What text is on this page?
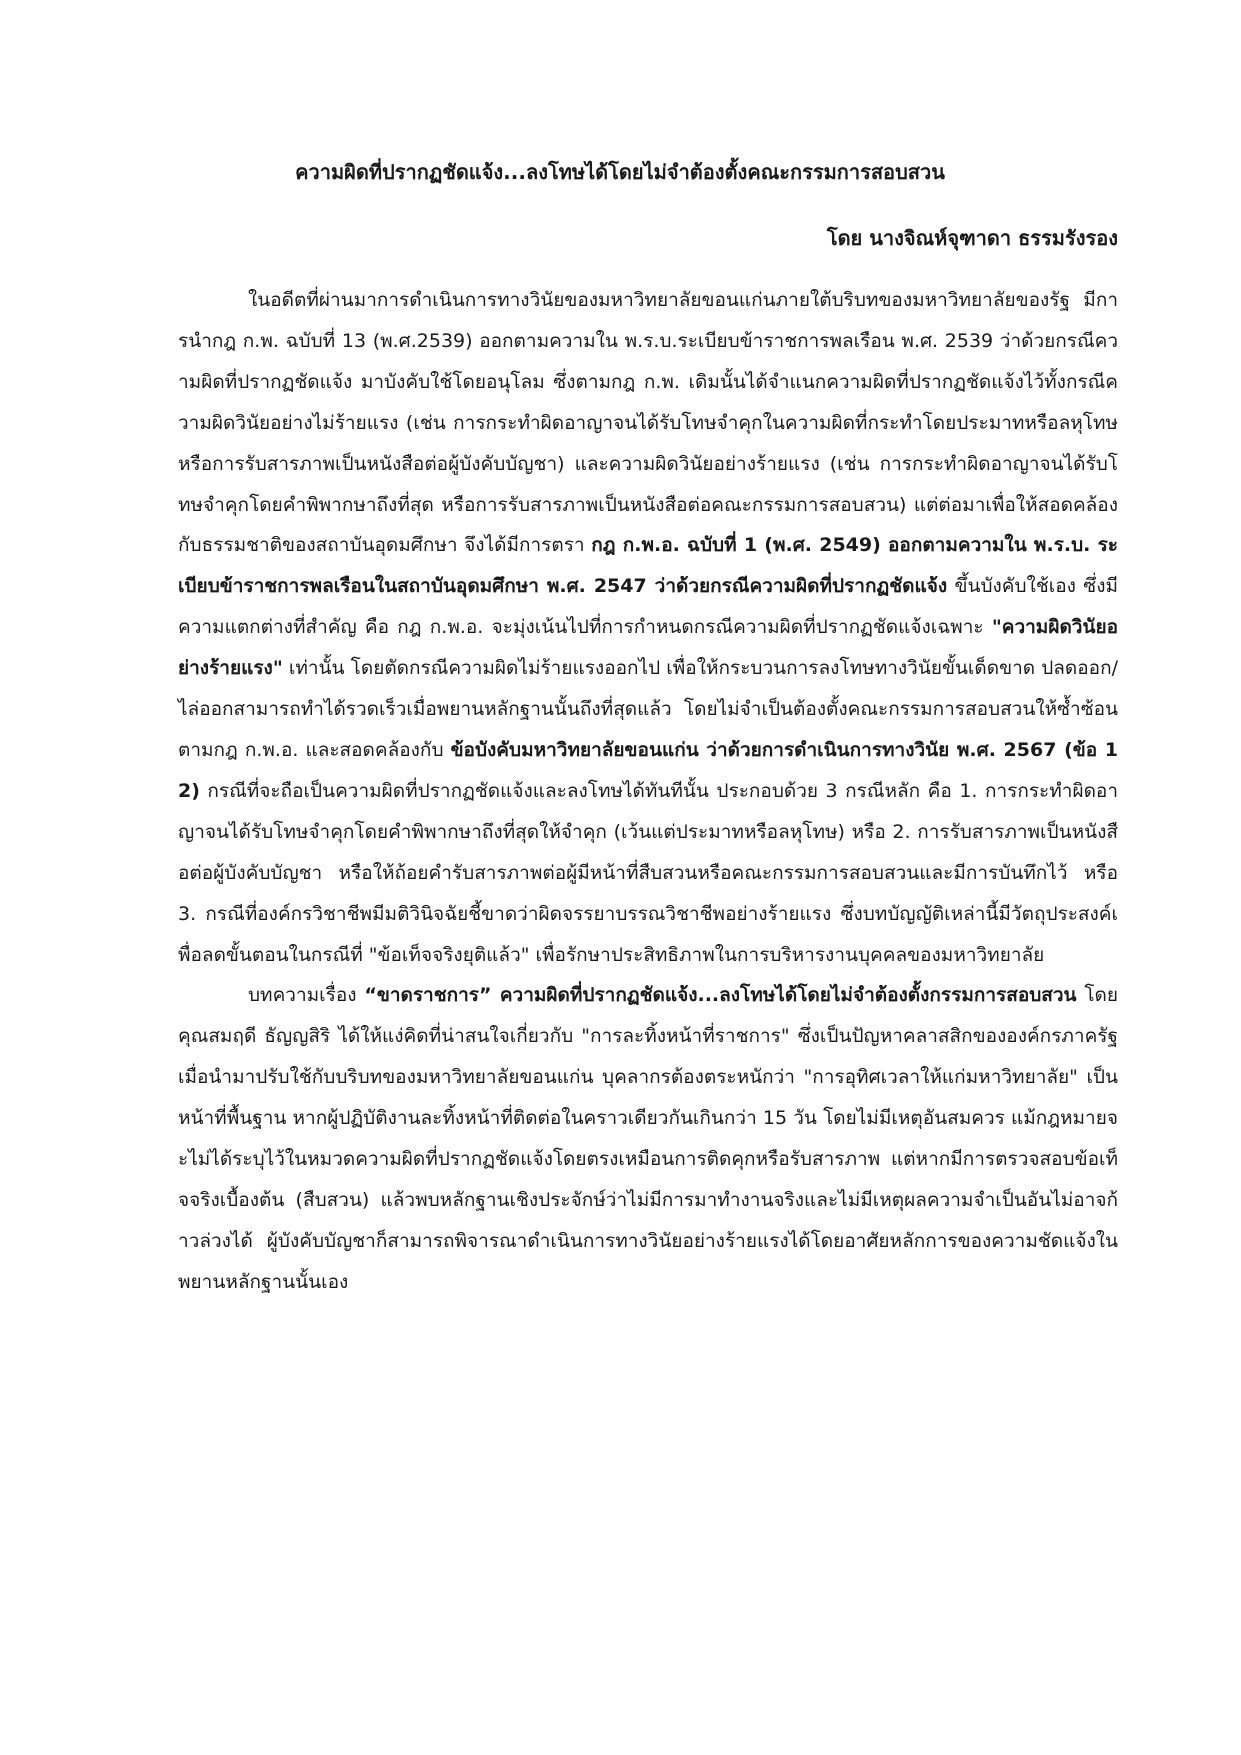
ความผิดที่ปรากฏชัดแจ้ง...ลงโทษได้โดยไม่จำต้องตั้งคณะกรรมการสอบสวน
โดย นางจิณห์จุฑาดา ธรรมรังรอง

ในอดีตที่ผ่านมาการดำเนินการทางวินัยของมหาวิทยาลัยขอนแก่นภายใต้บริบทของมหาวิทยาลัยของรัฐ มีการนำกฎ ก.พ. ฉบับที่ 13 (พ.ศ.2539) ออกตามความใน พ.ร.บ.ระเบียบข้าราชการพลเรือน พ.ศ. 2539 ว่าด้วยกรณีความผิดที่ปรากฏชัดแจ้ง มาบังคับใช้โดยอนุโลม ซึ่งตามกฎ ก.พ. เดิมนั้นได้จำแนกความผิดที่ปรากฏชัดแจ้งไว้ทั้งกรณีความผิดวินัยอย่างไม่ร้ายแรง (เช่น การกระทำผิดอาญาจนได้รับโทษจำคุกในความผิดที่กระทำโดยประมาทหรือลหุโทษ หรือการรับสารภาพเป็นหนังสือต่อผู้บังคับบัญชา) และความผิดวินัยอย่างร้ายแรง (เช่น การกระทำผิดอาญาจนได้รับโทษจำคุกโดยคำพิพากษาถึงที่สุด หรือการรับสารภาพเป็นหนังสือต่อคณะกรรมการสอบสวน) แต่ต่อมาเพื่อให้สอดคล้องกับธรรมชาติของสถาบันอุดมศึกษา จึงได้มีการตรา กฎ ก.พ.อ. ฉบับที่ 1 (พ.ศ. 2549) ออกตามความใน พ.ร.บ. ระเบียบข้าราชการพลเรือนในสถาบันอุดมศึกษา พ.ศ. 2547 ว่าด้วยกรณีความผิดที่ปรากฏชัดแจ้ง ขึ้นบังคับใช้เอง ซึ่งมีความแตกต่างที่สำคัญ คือ กฎ ก.พ.อ. จะมุ่งเน้นไปที่การกำหนดกรณีความผิดที่ปรากฏชัดแจ้งเฉพาะ "ความผิดวินัยอย่างร้ายแรง" เท่านั้น โดยตัดกรณีความผิดไม่ร้ายแรงออกไป เพื่อให้กระบวนการลงโทษทางวินัยขั้นเด็ดขาด ปลดออก/ไล่ออกสามารถทำได้รวดเร็วเมื่อพยานหลักฐานนั้นถึงที่สุดแล้ว โดยไม่จำเป็นต้องตั้งคณะกรรมการสอบสวนให้ซ้ำซ้อน ตามกฎ ก.พ.อ. และสอดคล้องกับ ข้อบังคับมหาวิทยาลัยขอนแก่น ว่าด้วยการดำเนินการทางวินัย พ.ศ. 2567 (ข้อ 12) กรณีที่จะถือเป็นความผิดที่ปรากฏชัดแจ้งและลงโทษได้ทันทีนั้น ประกอบด้วย 3 กรณีหลัก คือ 1. การกระทำผิดอาญาจนได้รับโทษจำคุกโดยคำพิพากษาถึงที่สุดให้จำคุก (เว้นแต่ประมาทหรือลหุโทษ) หรือ 2. การรับสารภาพเป็นหนังสือต่อผู้บังคับบัญชา หรือให้ถ้อยคำรับสารภาพต่อผู้มีหน้าที่สืบสวนหรือคณะกรรมการสอบสวนและมีการบันทึกไว้ หรือ 3. กรณีที่องค์กรวิชาชีพมีมติวินิจฉัยชี้ขาดว่าผิดจรรยาบรรณวิชาชีพอย่างร้ายแรง ซึ่งบทบัญญัติเหล่านี้มีวัตถุประสงค์เพื่อลดขั้นตอนในกรณีที่ "ข้อเท็จจริงยุติแล้ว" เพื่อรักษาประสิทธิภาพในการบริหารงานบุคคลของมหาวิทยาลัย

บทความเรื่อง “ขาดราชการ” ความผิดที่ปรากฏชัดแจ้ง...ลงโทษได้โดยไม่จำต้องตั้งกรรมการสอบสวน โดยคุณสมฤดี ธัญญสิริ ได้ให้แง่คิดที่น่าสนใจเกี่ยวกับ "การละทิ้งหน้าที่ราชการ" ซึ่งเป็นปัญหาคลาสสิกขององค์กรภาครัฐ เมื่อนำมาปรับใช้กับบริบทของมหาวิทยาลัยขอนแก่น บุคลากรต้องตระหนักว่า "การอุทิศเวลาให้แก่มหาวิทยาลัย" เป็นหน้าที่พื้นฐาน หากผู้ปฏิบัติงานละทิ้งหน้าที่ติดต่อในคราวเดียวกันเกินกว่า 15 วัน โดยไม่มีเหตุอันสมควร แม้กฎหมายจะไม่ได้ระบุไว้ในหมวดความผิดที่ปรากฏชัดแจ้งโดยตรงเหมือนการติดคุกหรือรับสารภาพ แต่หากมีการตรวจสอบข้อเท็จจริงเบื้องต้น (สืบสวน) แล้วพบหลักฐานเชิงประจักษ์ว่าไม่มีการมาทำงานจริงและไม่มีเหตุผลความจำเป็นอันไม่อาจก้าวล่วงได้ ผู้บังคับบัญชาก็สามารถพิจารณาดำเนินการทางวินัยอย่างร้ายแรงได้โดยอาศัยหลักการของความชัดแจ้งในพยานหลักฐานนั้นเอง
